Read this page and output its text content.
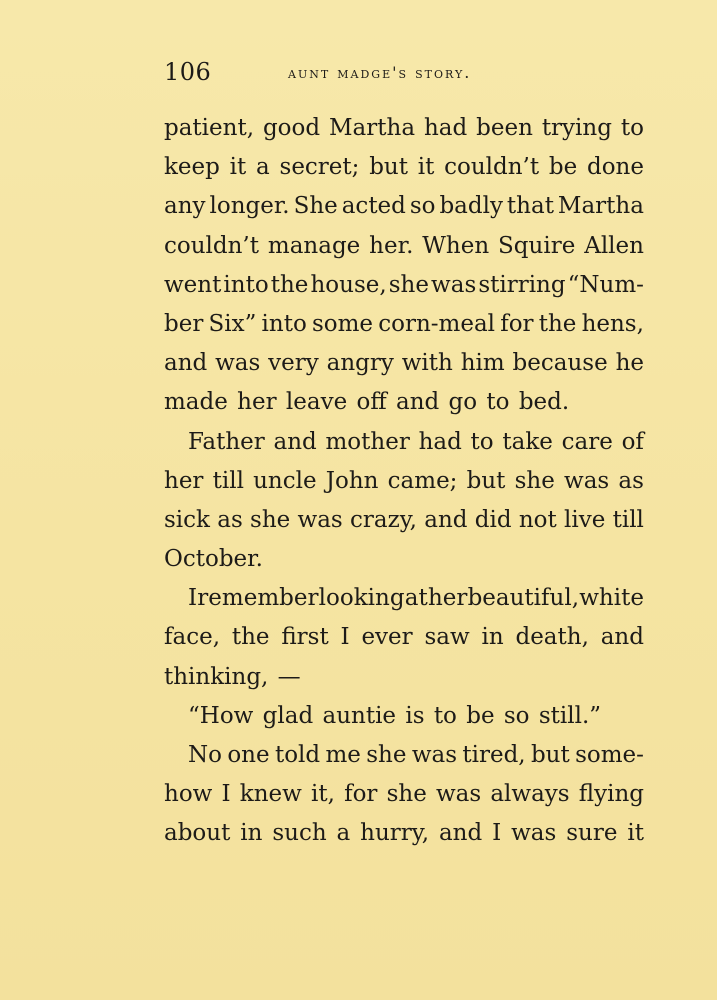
106	aunt madge's story.
patient, good Martha had been trying to
keep it a secret; but it couldn’t be done
any longer. She acted so badly that Martha
couldn’t manage her. When Squire Allen
went into the house, she was stirring “Num-
ber Six” into some corn-meal for the hens,
and was very angry with him because he
made her leave off and go to bed.
Father and mother had to take care of
her till uncle John came; but she was as
sick as she was crazy, and did not live till
October.
I remember looking at her beautiful, white
face, the first I ever saw in death, and
thinking, —
“How glad auntie is to be so still.”
No one told me she was tired, but some-
how I knew it, for she was always flying
about in such a hurry, and I was sure it
